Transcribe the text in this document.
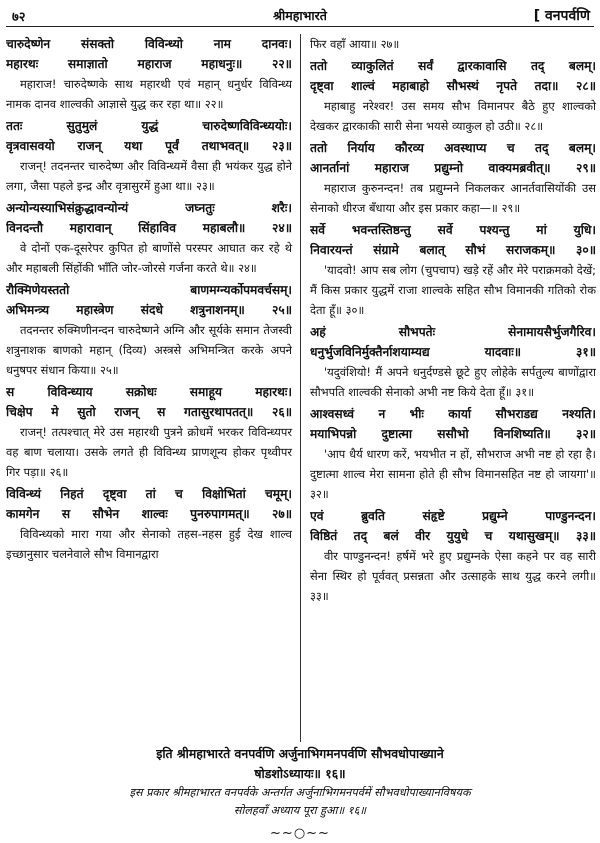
७२	श्रीमहाभारते	[ वनपर्वणि
चारुदेष्णेन संसक्तो विविन्ध्यो नाम दानवः।
महारथः समाज्ञातो महाराज महाधनुः॥ २२॥
महाराज! चारुदेष्णके साथ महारथी एवं महान् धनुर्धर विविन्ध्य नामक दानव शाल्वकी आज्ञासे युद्ध कर रहा था॥ २२॥
ततः सुतुमुलं युद्धं चारुदेष्णविविन्ध्ययोः।
वृत्रवासवयो राजन् यथा पूर्वं तथाभवत्॥ २३॥
राजन्! तदनन्तर चारुदेष्ण और विविन्ध्यमें वैसा ही भयंकर युद्ध होने लगा, जैसा पहले इन्द्र और वृत्रासुरमें हुआ था॥ २३॥
अन्योन्यस्याभिसंक्रुद्धावन्योन्यं जघ्नतुः शरैः।
विनदन्तौ महारावान् सिंहाविव महाबलौ॥ २४॥
वे दोनों एक-दूसरेपर कुपित हो बाणोंसे परस्पर आघात कर रहे थे और महाबली सिंहोंकी भाँति जोर-जोरसे गर्जना करते थे॥ २४॥
रौक्मिणेयस्ततो बाणमग्न्यर्कोपमवर्चसम्।
अभिमन्त्र्य महास्त्रेण संदधे शत्रुनाशनम्॥ २५॥
तदनन्तर रुक्मिणीनन्दन चारुदेष्णने अग्नि और सूर्यके समान तेजस्वी शत्रुनाशक बाणको महान् (दिव्य) अस्त्रसे अभिमन्त्रित करके अपने धनुषपर संधान किया॥ २५॥
स विविन्ध्याय सक्रोधः समाहूय महारथः।
चिक्षेप मे सुतो राजन् स गतासुरथापतत्॥ २६॥
राजन्! तत्पश्चात् मेरे उस महारथी पुत्रने क्रोधमें भरकर विविन्ध्यपर वह बाण चलाया। उसके लगते ही विविन्ध्य प्राणशून्य होकर पृथ्वीपर गिर पड़ा॥ २६॥
विविन्ध्यं निहतं दृष्ट्वा तां च विक्षोभितां चमूम्।
कामगेन स सौभेन शाल्वः पुनरुपागमत्॥ २७॥
विविन्ध्यको मारा गया और सेनाको तहस-नहस हुई देख शाल्व इच्छानुसार चलनेवाले सौभ विमानद्वारा
फिर वहाँ आया॥ २७॥
ततो व्याकुलितं सर्वं द्वारकावासि तद् बलम्।
दृष्ट्वा शाल्वं महाबाहो सौभस्थं नृपते तदा॥ २८॥
महाबाहु नरेश्वर! उस समय सौभ विमानपर बैठे हुए शाल्वको देखकर द्वारकाकी सारी सेना भयसे व्याकुल हो उठी॥ २८॥
ततो निर्याय कौरव्य अवस्थाप्य च तद् बलम्।
आनर्तानां महाराज प्रद्युम्नो वाक्यमब्रवीत्॥ २९॥
महाराज कुरुनन्दन! तब प्रद्युम्नने निकलकर आनर्तवासियोंकी उस सेनाको धीरज बँधाया और इस प्रकार कहा—॥ २९॥
सर्वे भवन्तस्तिष्ठन्तु सर्वे पश्यन्तु मां युधि।
निवारयन्तं संग्रामे बलात् सौभं सराजकम्॥ ३०॥
'यादवो! आप सब लोग (चुपचाप) खड़े रहें और मेरे पराक्रमको देखें; मैं किस प्रकार युद्धमें राजा शाल्वके सहित सौभ विमानकी गतिको रोक देता हूँ॥ ३०॥
अहं सौभपतेः सेनामायसैर्भुजगैरिव।
धनुर्भुजविनिर्मुक्तैर्नाशयाम्यद्य यादवाः॥ ३१॥
'यदुवंशियो! मैं अपने धनुर्दण्डसे छूटे हुए लोहेके सर्पतुल्य बाणोंद्वारा सौभपति शाल्वकी सेनाको अभी नष्ट किये देता हूँ॥ ३१॥
आश्वसध्वं न भीः कार्या सौभराडद्य नश्यति।
मयाभिपन्नो दुष्टात्मा ससौभो विनशिष्यति॥ ३२॥
'आप धैर्य धारण करें, भयभीत न हों, सौभराज अभी नष्ट हो रहा है। दुष्टात्मा शाल्व मेरा सामना होते ही सौभ विमानसहित नष्ट हो जायगा'॥ ३२॥
एवं ब्रुवति संहृष्टे प्रद्युम्ने पाण्डुनन्दन।
विष्ठितं तद् बलं वीर युयुधे च यथासुखम्॥ ३३॥
वीर पाण्डुनन्दन! हर्षमें भरे हुए प्रद्युम्नके ऐसा कहने पर वह सारी सेना स्थिर हो पूर्ववत् प्रसन्नता और उत्साहके साथ युद्ध करने लगी॥ ३३॥
इति श्रीमहाभारते वनपर्वणि अर्जुनाभिगमनपर्वणि सौभवधोपाख्याने
षोडशोऽध्यायः॥ १६॥
इस प्रकार श्रीमहाभारत वनपर्वके अन्तर्गत अर्जुनाभिगमनपर्वमें सौभवधोपाख्यानविषयक
सोलहवाँ अध्याय पूरा हुआ॥ १६॥
~~○~~
